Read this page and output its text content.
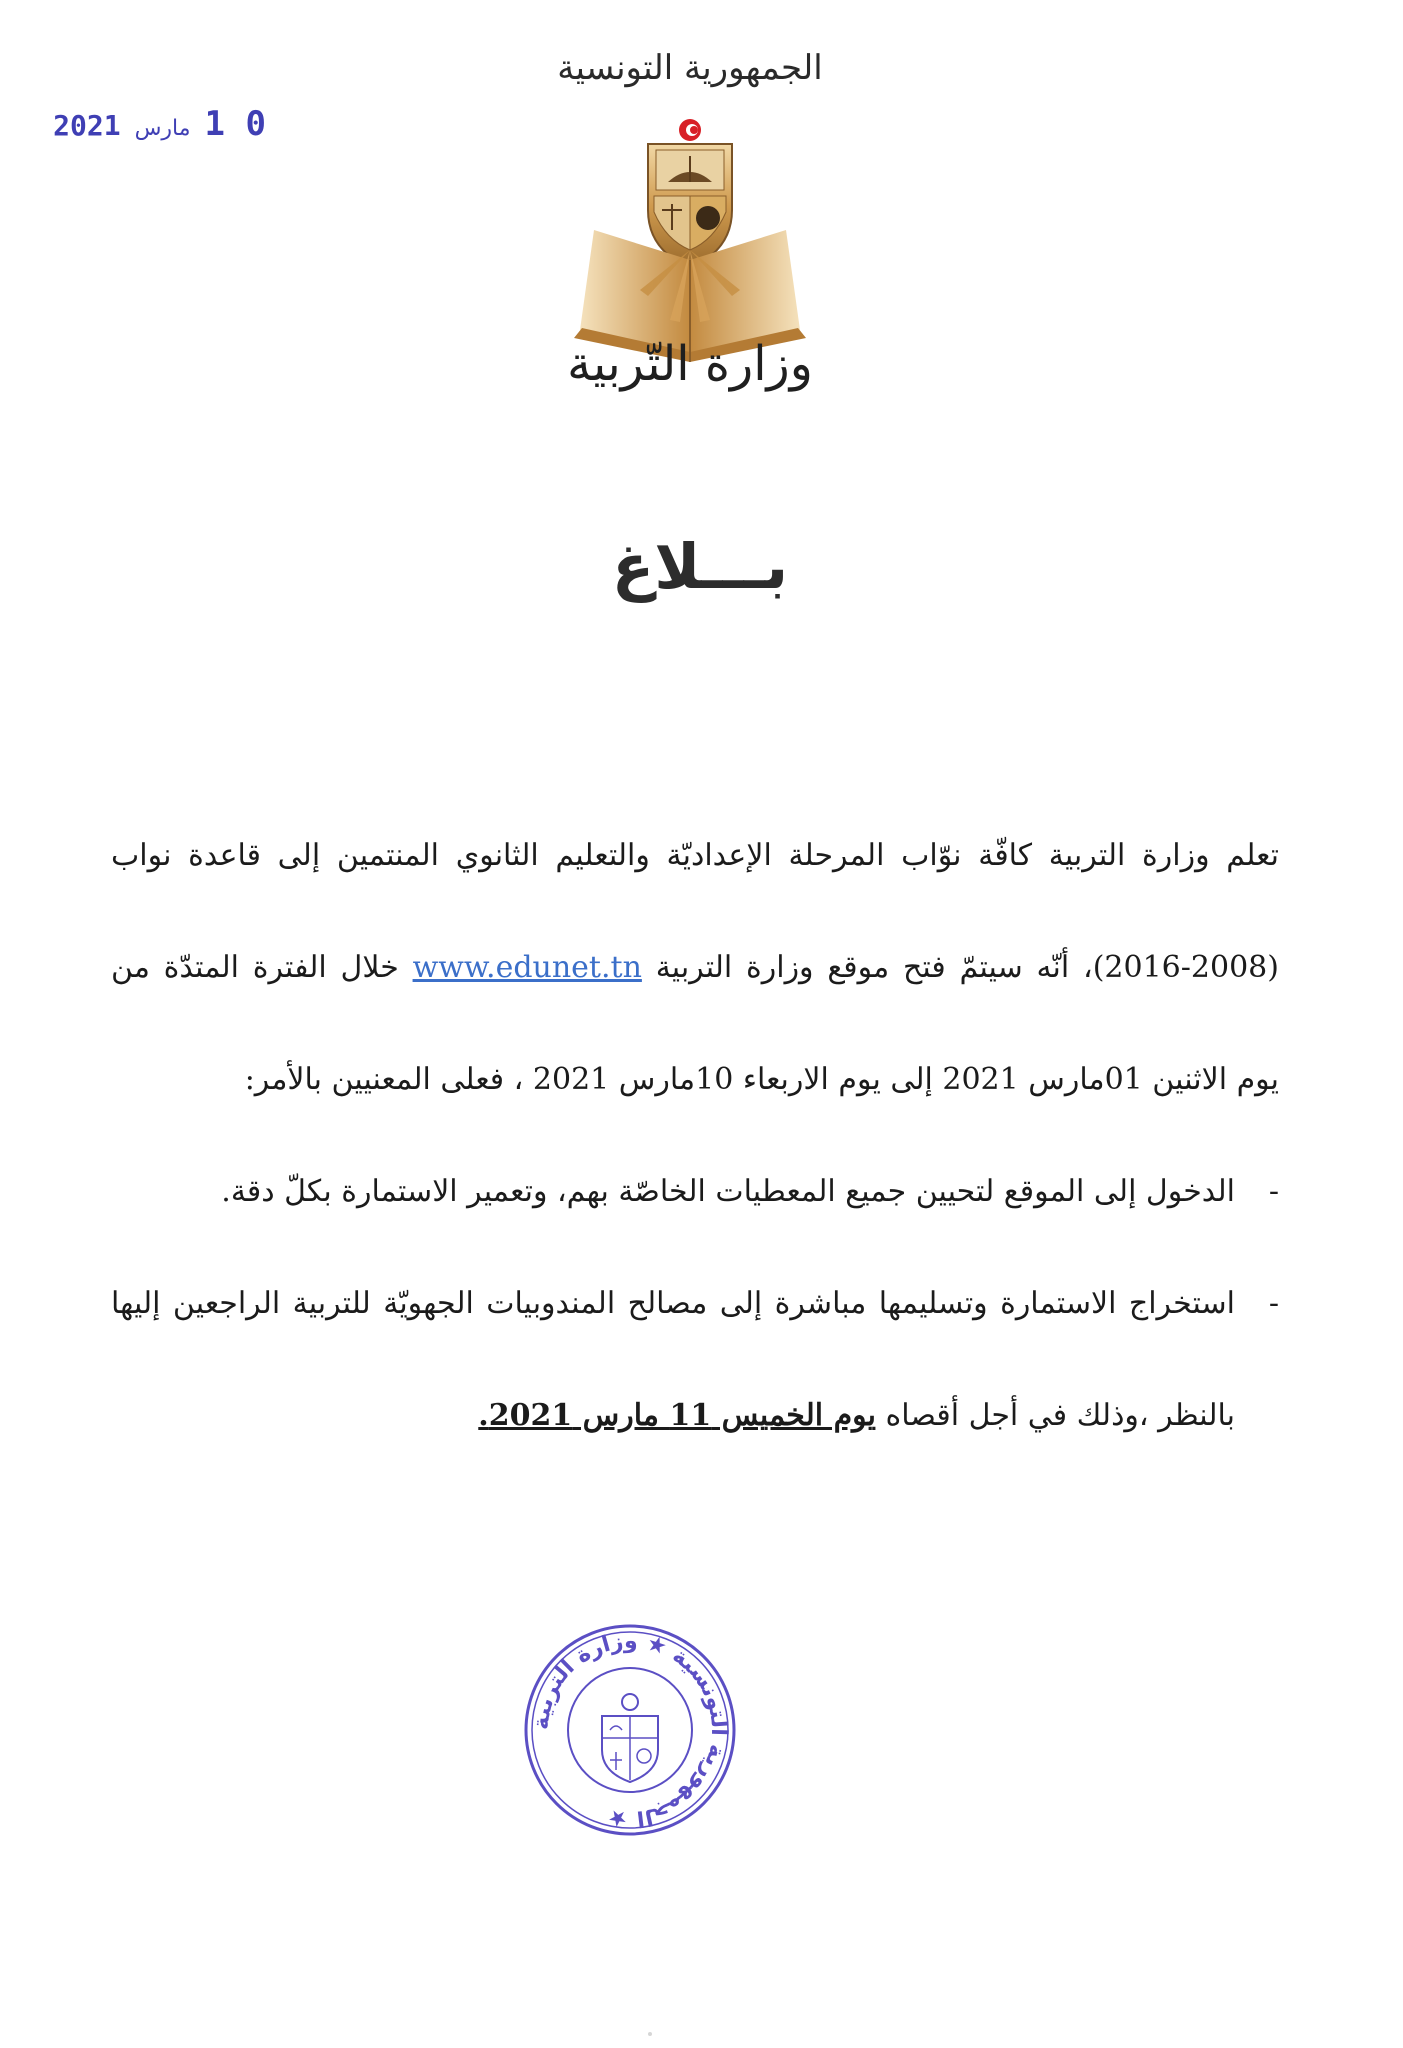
0 1مارس2021
الجمهورية التونسية
وزارة التّربية
بـــلاغ

تعلم وزارة التربية كافّة نوّاب المرحلة الإعداديّة والتعليم الثانوي المنتمين إلى قاعدة نواب (2008-2016)، أنّه سيتمّ فتح موقع وزارة التربية www.edunet.tn خلال الفترة المتدّة من يوم الاثنين 01مارس 2021 إلى يوم الاربعاء 10مارس 2021 ، فعلى المعنيين بالأمر:

-
الدخول إلى الموقع لتحيين جميع المعطيات الخاصّة بهم، وتعمير الاستمارة بكلّ دقة.
-
استخراج الاستمارة وتسليمها مباشرة إلى مصالح المندوبيات الجهويّة للتربية الراجعين إليها بالنظر ،وذلك في أجل أقصاه يوم الخميس 11 مارس 2021.
الجمهورية التونسية ★ وزارة التربية ★
